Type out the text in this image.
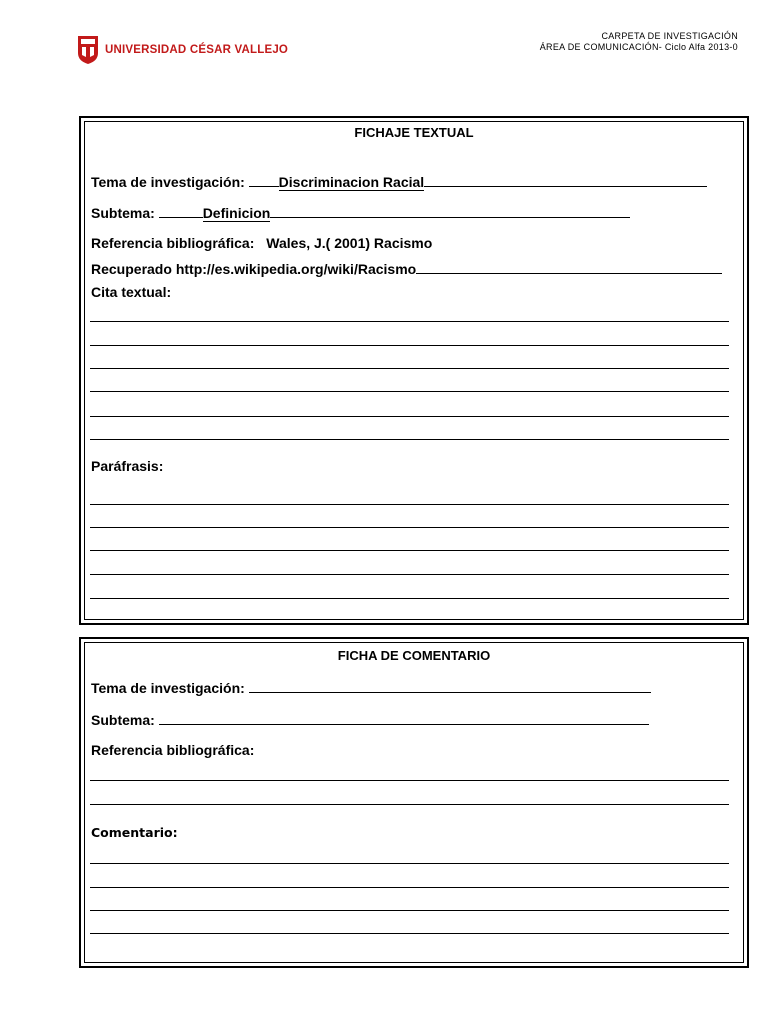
UNIVERSIDAD CÉSAR VALLEJO
CARPETA DE INVESTIGACIÓN
ÁREA DE COMUNICACIÓN- Ciclo Alfa 2013-0
FICHAJE TEXTUAL
Tema de investigación: Discriminacion Racial
Subtema:	Definicion
Referencia bibliográfica: Wales, J.( 2001) Racismo
Recuperado http://es.wikipedia.org/wiki/Racismo
Cita textual:
Paráfrasis:
FICHA DE COMENTARIO
Tema de investigación:
Subtema:
Referencia bibliográfica:
Comentario:
